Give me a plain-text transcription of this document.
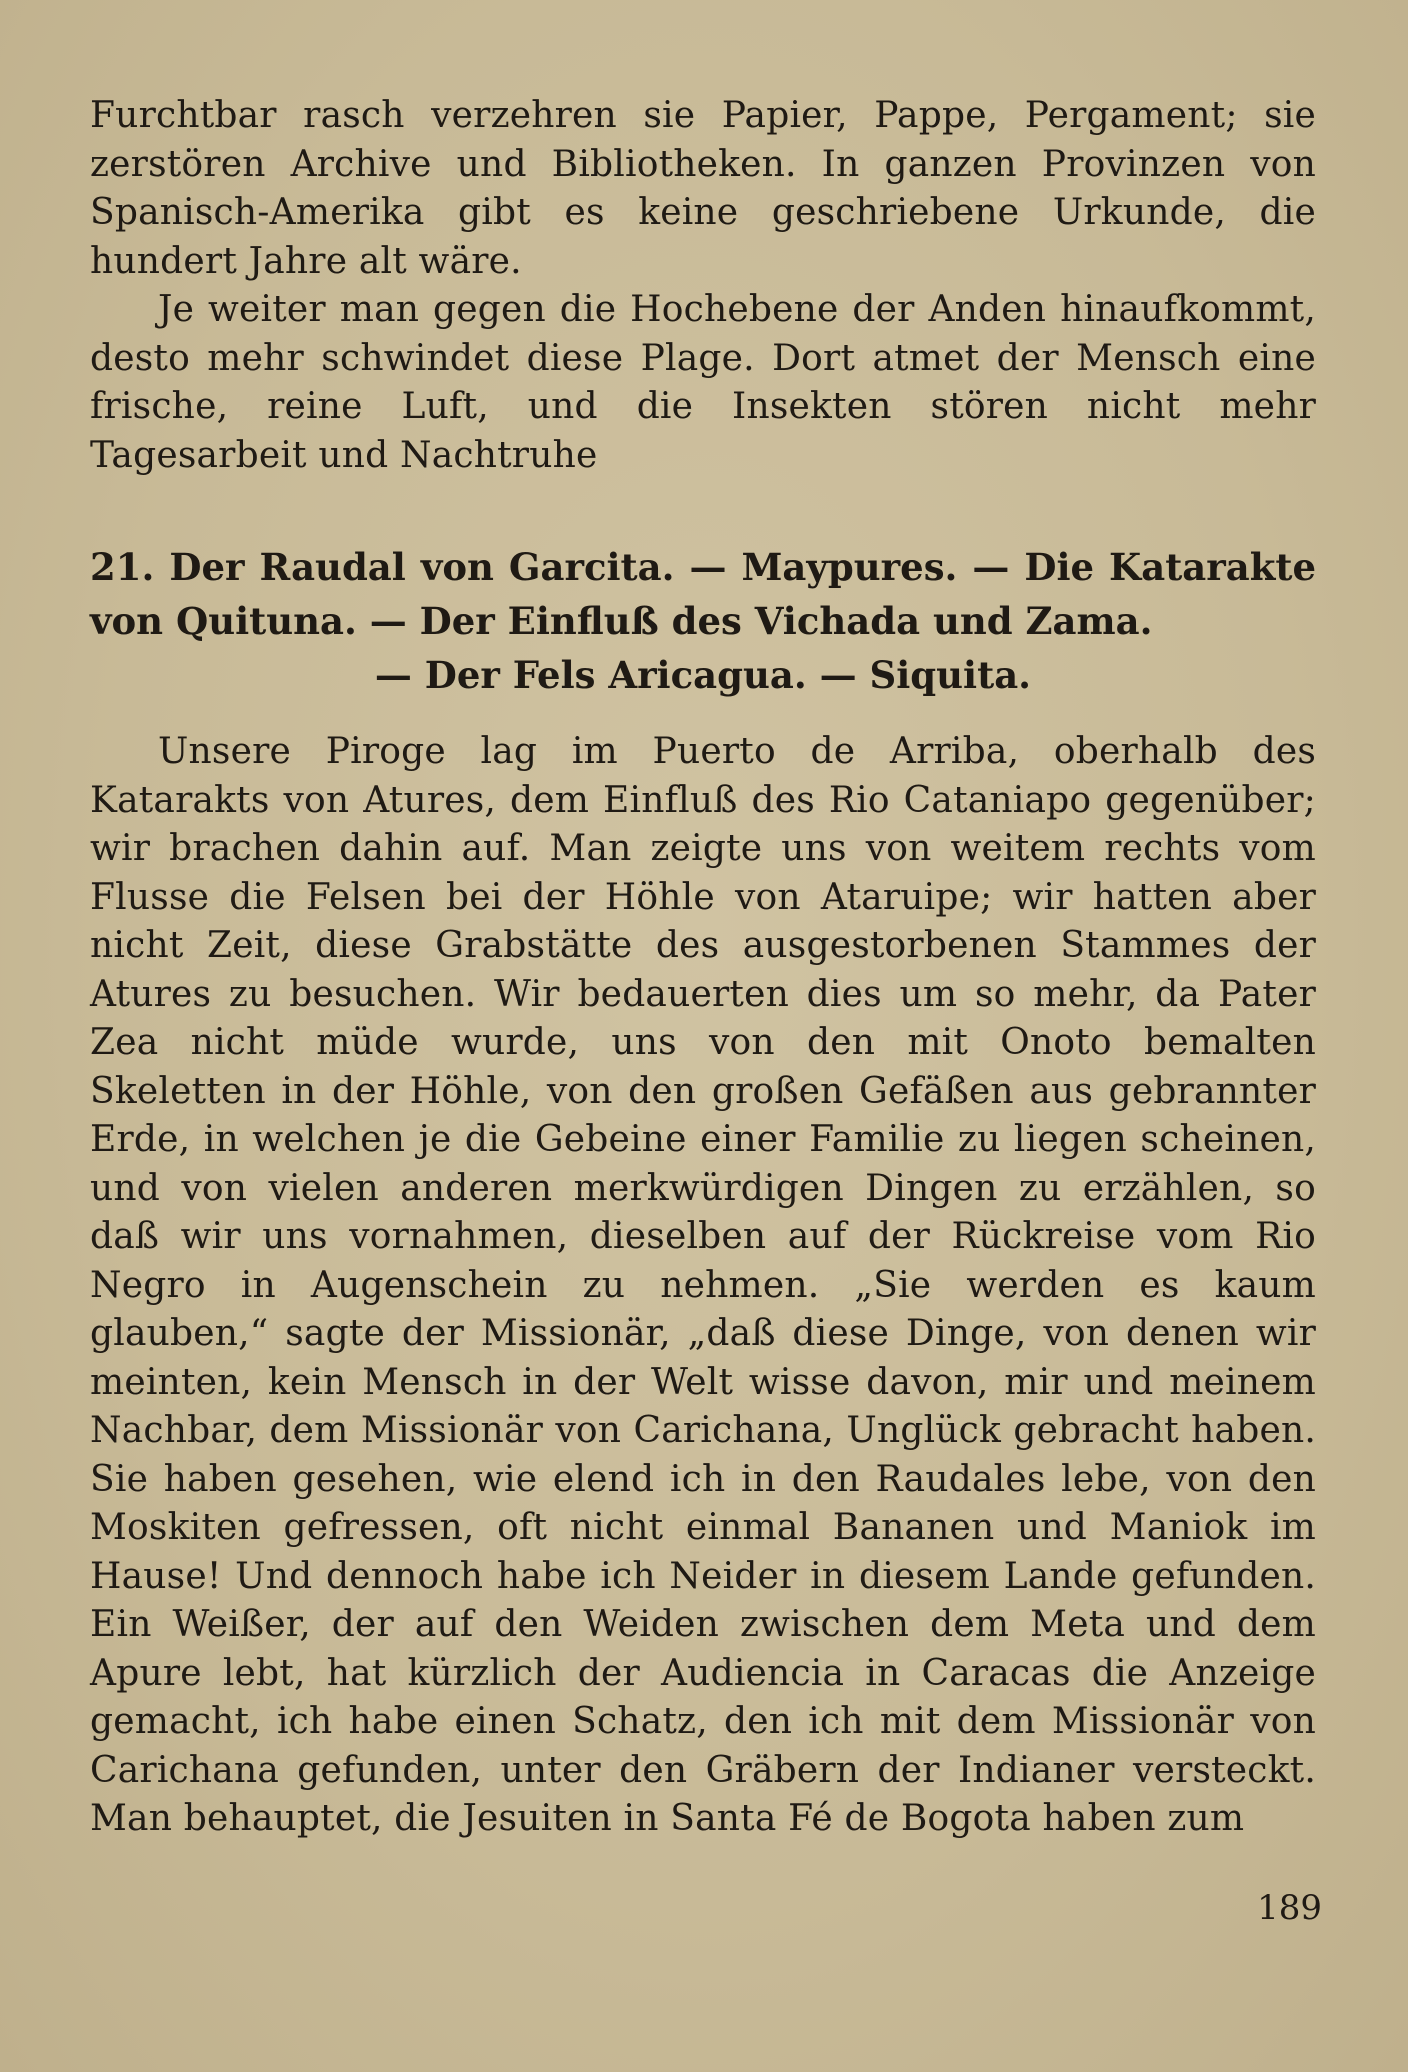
Furchtbar rasch verzehren sie Papier, Pappe, Pergament; sie zerstören Archive und Bibliotheken. In ganzen Provinzen von Spanisch-Amerika gibt es keine geschriebene Urkunde, die hundert Jahre alt wäre.

Je weiter man gegen die Hochebene der Anden hinaufkommt, desto mehr schwindet diese Plage. Dort atmet der Mensch eine frische, reine Luft, und die Insekten stören nicht mehr Tagesarbeit und Nachtruhe

21. Der Raudal von Garcita. — Maypures. — Die Katarakte von Quituna. — Der Einfluß des Vichada und Zama.
— Der Fels Aricagua. — Siquita.

Unsere Piroge lag im Puerto de Arriba, oberhalb des Katarakts von Atures, dem Einfluß des Rio Cataniapo gegenüber; wir brachen dahin auf. Man zeigte uns von weitem rechts vom Flusse die Felsen bei der Höhle von Ataruipe; wir hatten aber nicht Zeit, diese Grabstätte des ausgestorbenen Stammes der Atures zu besuchen. Wir bedauerten dies um so mehr, da Pater Zea nicht müde wurde, uns von den mit Onoto bemalten Skeletten in der Höhle, von den großen Gefäßen aus gebrannter Erde, in welchen je die Gebeine einer Familie zu liegen scheinen, und von vielen anderen merkwürdigen Dingen zu erzählen, so daß wir uns vornahmen, dieselben auf der Rückreise vom Rio Negro in Augenschein zu nehmen. „Sie werden es kaum glauben,“ sagte der Missionär, „daß diese Dinge, von denen wir meinten, kein Mensch in der Welt wisse davon, mir und meinem Nachbar, dem Missionär von Carichana, Unglück gebracht haben. Sie haben gesehen, wie elend ich in den Raudales lebe, von den Moskiten gefressen, oft nicht einmal Bananen und Maniok im Hause! Und dennoch habe ich Neider in diesem Lande gefunden. Ein Weißer, der auf den Weiden zwischen dem Meta und dem Apure lebt, hat kürzlich der Audiencia in Caracas die Anzeige gemacht, ich habe einen Schatz, den ich mit dem Missionär von Carichana gefunden, unter den Gräbern der Indianer versteckt. Man behauptet, die Jesuiten in Santa Fé de Bogota haben zum

189
